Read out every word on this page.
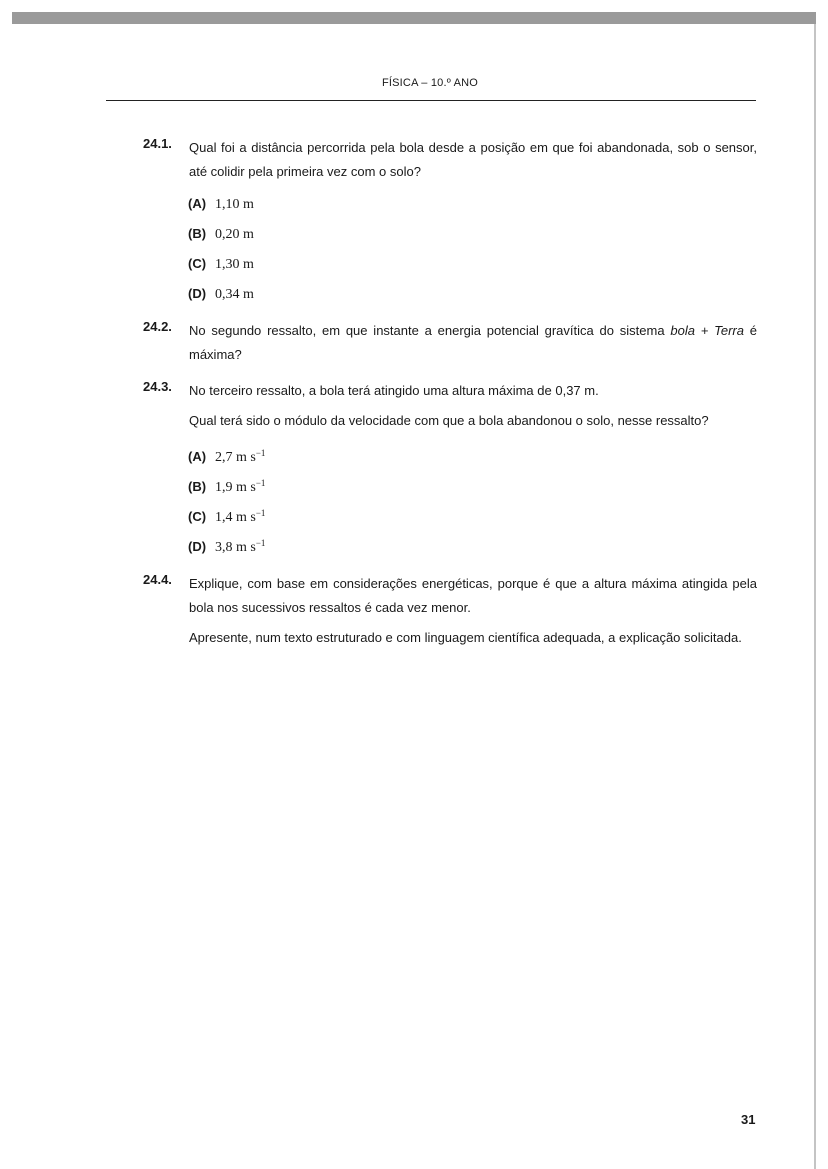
FÍSICA – 10.º ANO
24.1. Qual foi a distância percorrida pela bola desde a posição em que foi abandonada, sob o sensor, até colidir pela primeira vez com o solo?

(A) 1,10 m
(B) 0,20 m
(C) 1,30 m
(D) 0,34 m
24.2. No segundo ressalto, em que instante a energia potencial gravítica do sistema bola + Terra é máxima?

24.3. No terceiro ressalto, a bola terá atingido uma altura máxima de 0,37 m.

Qual terá sido o módulo da velocidade com que a bola abandonou o solo, nesse ressalto?

(A) 2,7 m $s^{-1}$
(B) 1,9 m $s^{-1}$
(C) 1,4 m $s^{-1}$
(D) 3,8 m $s^{-1}$
24.4. Explique, com base em considerações energéticas, porque é que a altura máxima atingida pela bola nos sucessivos ressaltos é cada vez menor.

Apresente, num texto estruturado e com linguagem científica adequada, a explicação solicitada.

31
